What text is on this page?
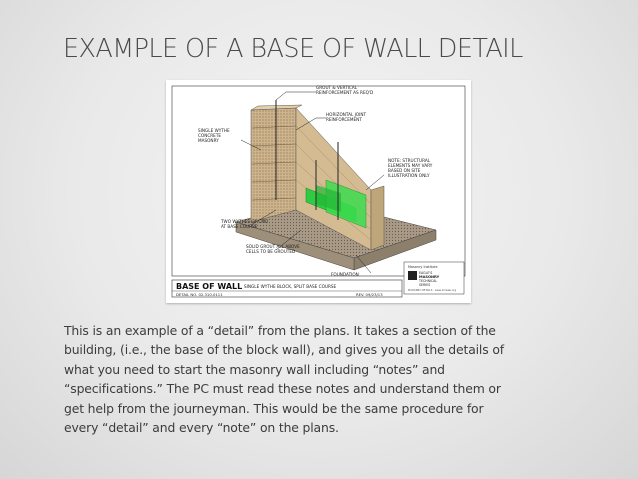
EXAMPLE OF A BASE OF WALL DETAIL
GROUT & VERTICAL
REINFORCEMENT AS REQ'D
HORIZONTAL JOINT
REINFORCEMENT
SINGLE WYTHE
CONCRETE
MASONRY
NOTE: STRUCTURAL
ELEMENTS MAY VARY
BASED ON SITE
ILLUSTRATION ONLY
TWO WYTHES OF CMU
AT BASE COURSE
SOLID GROUT ALL ABOVE
CELLS TO BE GROUTED
FOUNDATION
Masonry Institute
EAGLE'S
MASONRY
TECHNICAL
SERIES
MASONRY DETAILS . www.imiweb.org
BASE OF WALL SINGLE WYTHE BLOCK, SPLIT BASE COURSE
DETAIL NO. 02.310.0111	REV. 09/23/13
This is an example of a “detail” from the plans. It takes a section of the
building, (i.e., the base of the block wall), and gives you all the details of
what you need to start the masonry wall including “notes” and
“specifications.” The PC must read these notes and understand them or
get help from the journeyman. This would be the same procedure for
every “detail” and every “note” on the plans.
